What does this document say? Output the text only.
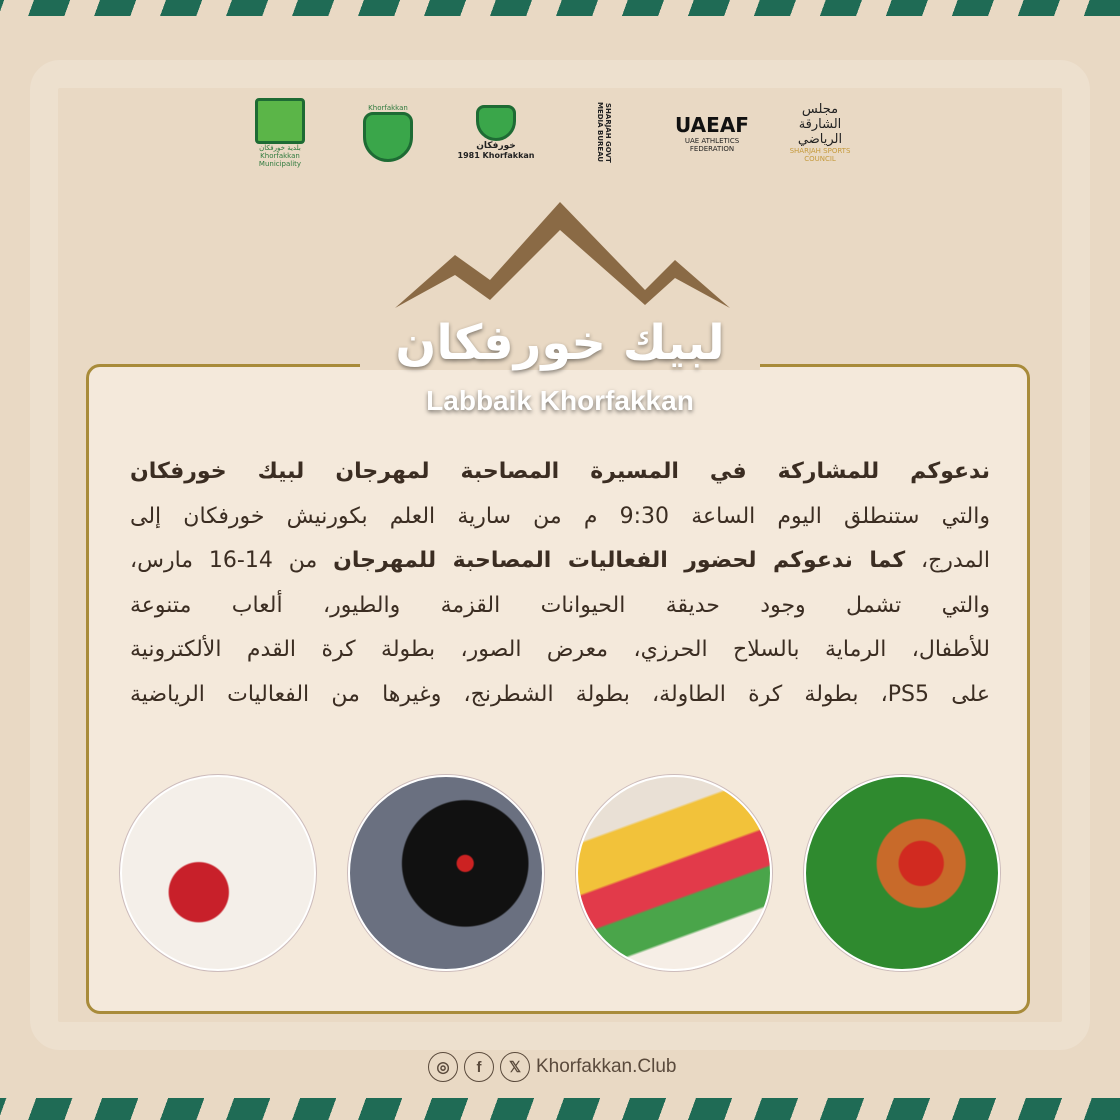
بلدية خورفكان
Khorfakkan Municipality
Khorfakkan
خورفكان
1981 Khorfakkan	SHARJAH GOVT MEDIA BUREAU	UAEAF
UAE ATHLETICS FEDERATION
مجلس الشارقة الرياضي
SHARJAH SPORTS COUNCIL
لبيك خورفكان
Labbaik Khorfakkan
ندعوكم للمشاركة في المسيرة المصاحبة لمهرجان لبيك خورفكان
والتي ستنطلق اليوم الساعة 9:30 م من سارية العلم بكورنيش خورفكان إلى
المدرج، كما ندعوكم لحضور الفعاليات المصاحبة للمهرجان من 14-16 مارس،
والتي تشمل وجود حديقة الحيوانات القزمة والطيور، ألعاب متنوعة
للأطفال، الرماية بالسلاح الحرزي، معرض الصور، بطولة كرة القدم الألكترونية
على PS5، بطولة كرة الطاولة، بطولة الشطرنج، وغيرها من الفعاليات الرياضية
◎	f	𝕏 Khorfakkan.Club
